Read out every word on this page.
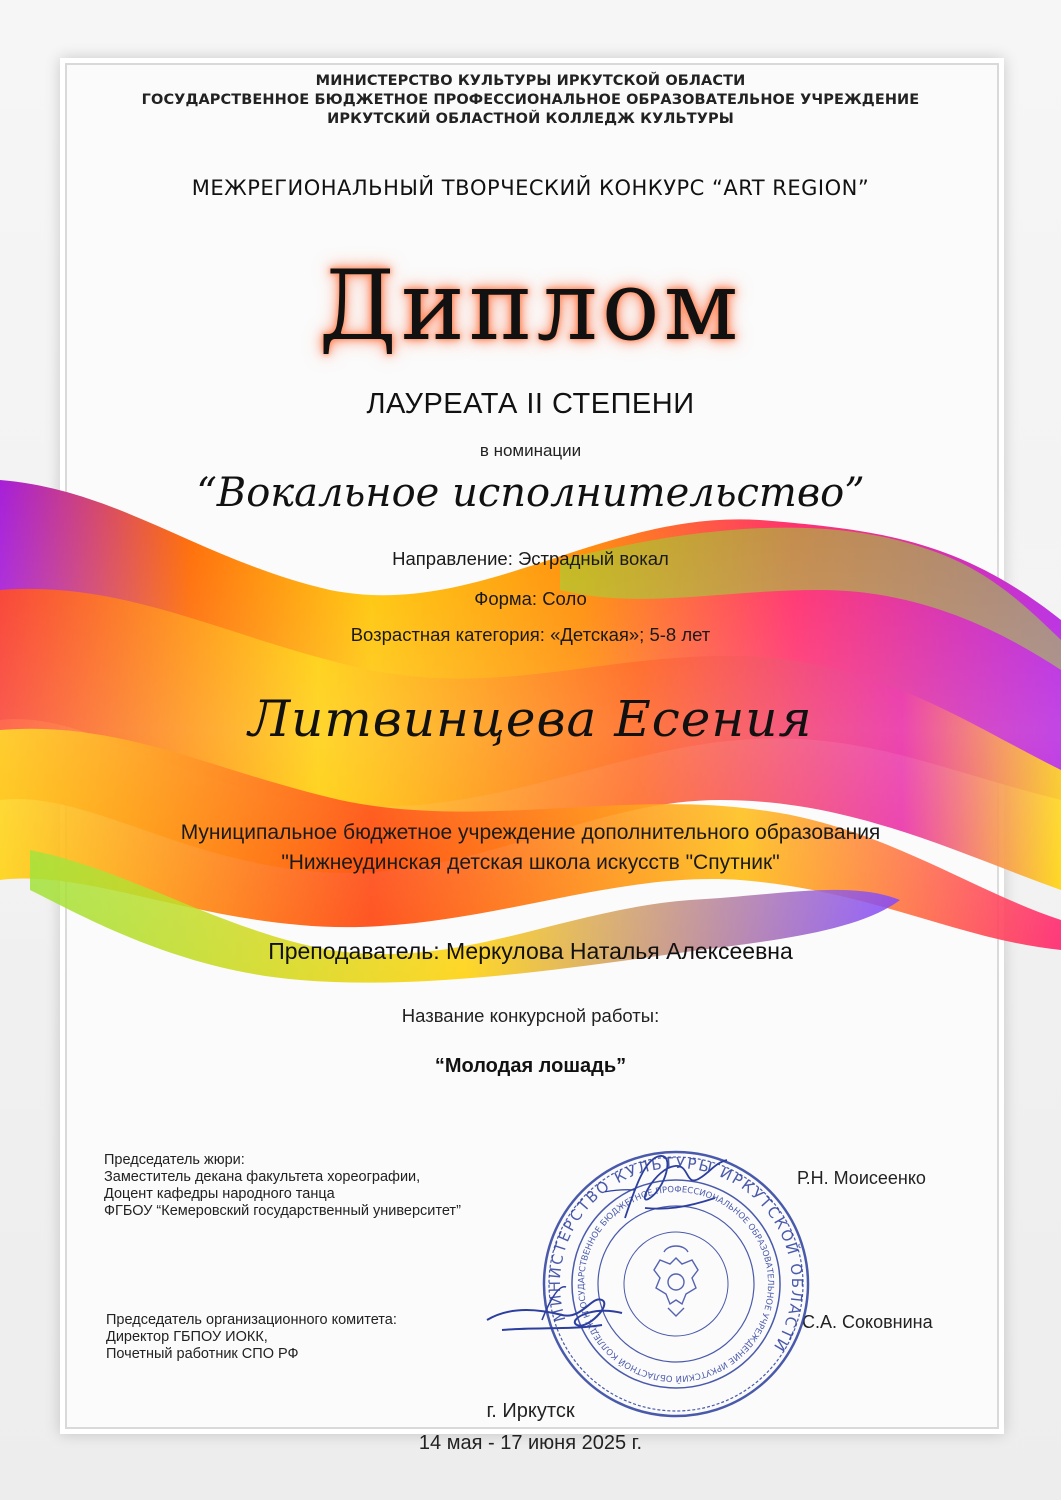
МИНИСТЕРСТВО КУЛЬТУРЫ ИРКУТСКОЙ ОБЛАСТИ
ГОСУДАРСТВЕННОЕ БЮДЖЕТНОЕ ПРОФЕССИОНАЛЬНОЕ ОБРАЗОВАТЕЛЬНОЕ УЧРЕЖДЕНИЕ
ИРКУТСКИЙ ОБЛАСТНОЙ КОЛЛЕДЖ КУЛЬТУРЫ
МЕЖРЕГИОНАЛЬНЫЙ ТВОРЧЕСКИЙ КОНКУРС “ART REGION”
Диплом
ЛАУРЕАТА II СТЕПЕНИ
в номинации
“Вокальное исполнительство”
Направление: Эстрадный вокал
Форма: Соло
Возрастная категория: «Детская»; 5-8 лет
Литвинцева Есения
Муниципальное бюджетное учреждение дополнительного образования
"Нижнеудинская детская школа искусств "Спутник"
Преподаватель: Меркулова Наталья Алексеевна
Название конкурсной работы:
“Молодая лошадь”
Председатель жюри:
Заместитель декана факультета хореографии,
Доцент кафедры народного танца
ФГБОУ “Кемеровский государственный университет”
Р.Н. Моисеенко
Председатель организационного комитета:
Директор ГБПОУ ИОКК,
Почетный работник СПО РФ
С.А. Соковнина
МИНИСТЕРСТВО КУЛЬТУРЫ ИРКУТСКОЙ ОБЛАСТИ
ГОСУДАРСТВЕННОЕ БЮДЖЕТНОЕ ПРОФЕССИОНАЛЬНОЕ ОБРАЗОВАТЕЛЬНОЕ УЧРЕЖДЕНИЕ ИРКУТСКИЙ ОБЛАСТНОЙ КОЛЛЕДЖ КУЛЬТУРЫ
г. Иркутск
14 мая - 17 июня 2025 г.
